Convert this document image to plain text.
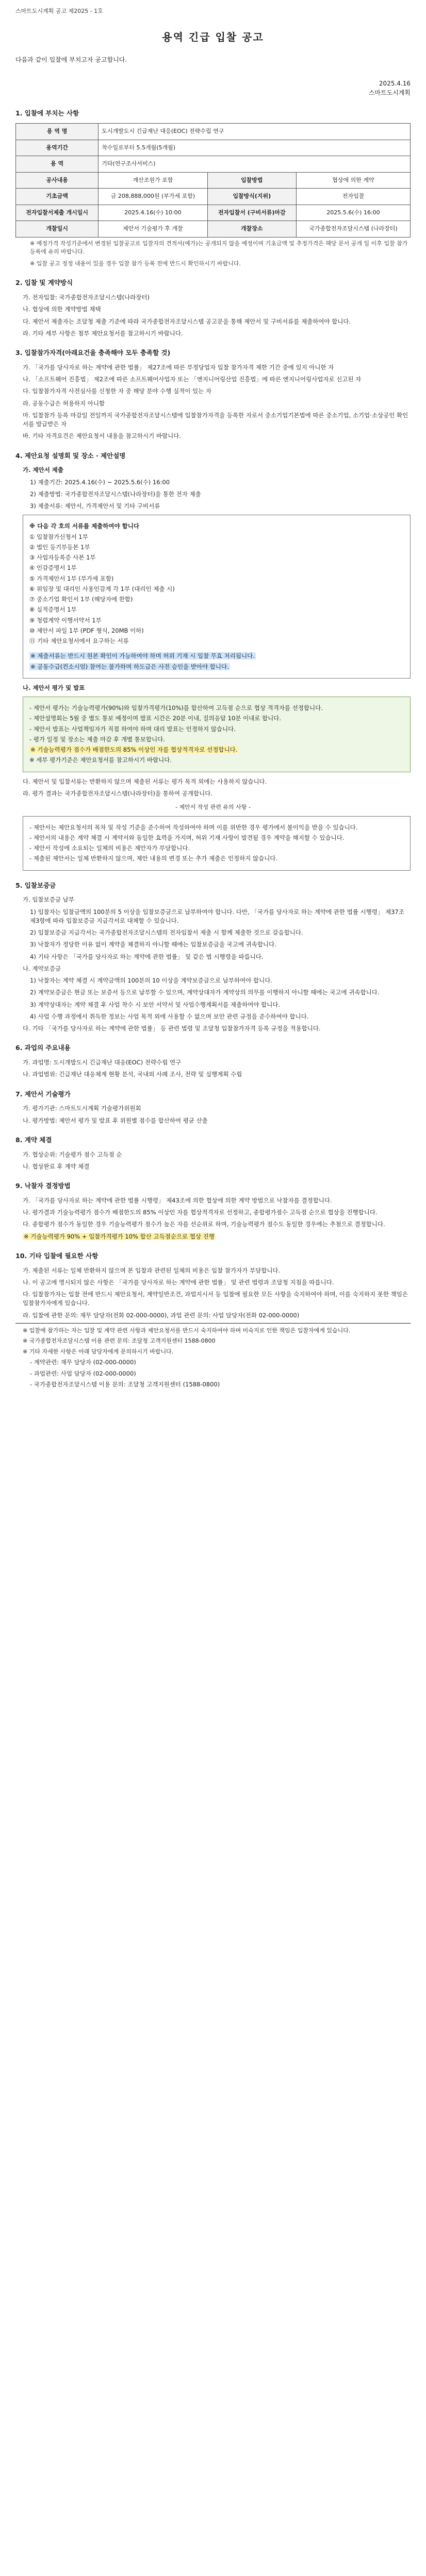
스마트도시계획 공고 제2025 - 1호
용역 긴급 입찰 공고

다음과 같이 입찰에 부치고자 공고합니다.

2025.4.16

스마트도시계획

1. 입찰에 부치는 사항
용 역 명	도시개발도시 긴급재난 대응(EOC) 전략수립 연구		
용역기간	착수일로부터 5.5개월(5개월)		
용 역	기타(연구조사서비스)		
공사내용	계산조원가 포함	입찰방법	협상에 의한 계약
기초금액	금 208,888,000원 (부가세 포함)	입찰방식(지위)	전자입찰
전자입찰서제출 개시일시	2025.4.16(수) 10:00	전자입찰서 (구비서류)마감	2025.5.6(수) 16:00
개찰일시	제안서 기술평가 후 개찰	개찰장소	국가종합전자조달시스템 (나라장터)

※ 예정가격 작성기준에서 변경된 입찰공고로 입찰자의 견적서(예가)는 공개되지 않을 예정이며 기초금액 및 추정가격은 해당 문서 공개 일 이후 입찰 참가 등록에 유의 바랍니다.

※ 입찰 공고 정정 내용이 있을 경우 입찰 참가 등록 전에 반드시 확인하시기 바랍니다.

2. 입찰 및 계약방식

가. 전자입찰: 국가종합전자조달시스템(나라장터)

나. 협상에 의한 계약방법 채택

다. 제안서 제출자는 조달청 제출 기준에 따라 국가종합전자조달시스템 공고문을 통해 제안서 및 구비서류를 제출하여야 합니다.

라. 기타 세부 사항은 첨부 제안요청서를 참고하시기 바랍니다.

3. 입찰참가자격(아래요건을 충족해야 모두 충족할 것)

가. 「국가를 당사자로 하는 계약에 관한 법률」 제27조에 따른 부정당업자 입찰 참가자격 제한 기간 중에 있지 아니한 자

나. 「소프트웨어 진흥법」 제2조에 따른 소프트웨어사업자 또는 「엔지니어링산업 진흥법」에 따른 엔지니어링사업자로 신고된 자

다. 입찰참가자격 사전심사를 신청한 자 중 해당 분야 수행 실적이 있는 자

라. 공동수급은 허용하지 아니함

마. 입찰참가 등록 마감일 전일까지 국가종합전자조달시스템에 입찰참가자격을 등록한 자로서 중소기업기본법에 따른 중소기업, 소기업·소상공인 확인서를 발급받은 자

바. 기타 자격요건은 제안요청서 내용을 참고하시기 바랍니다.

4. 제안요청 설명회 및 장소 · 제안설명
가. 제안서 제출

1) 제출기간: 2025.4.16(수) ~ 2025.5.6(수) 16:00

2) 제출방법: 국가종합전자조달시스템(나라장터)을 통한 전자 제출

3) 제출서류: 제안서, 가격제안서 및 기타 구비서류

※ 다음 각 호의 서류를 제출하여야 합니다

① 입찰참가신청서 1부

② 법인 등기부등본 1부

③ 사업자등록증 사본 1부

④ 인감증명서 1부

⑤ 가격제안서 1부 (부가세 포함)

⑥ 위임장 및 대리인 사용인감계 각 1부 (대리인 제출 시)

⑦ 중소기업 확인서 1부 (해당자에 한함)

⑧ 실적증명서 1부

⑨ 청렴계약 이행서약서 1부

⑩ 제안서 파일 1부 (PDF 형식, 20MB 이하)

⑪ 기타 제안요청서에서 요구하는 서류

※ 제출서류는 반드시 원본 확인이 가능하여야 하며 허위 기재 시 입찰 무효 처리됩니다.

※ 공동수급(컨소시엄) 참여는 불가하며 하도급은 사전 승인을 받아야 합니다.

나. 제안서 평가 및 발표

- 제안서 평가는 기술능력평가(90%)와 입찰가격평가(10%)를 합산하여 고득점 순으로 협상 적격자를 선정합니다.

- 제안설명회는 5월 중 별도 통보 예정이며 발표 시간은 20분 이내, 질의응답 10분 이내로 합니다.

- 제안서 발표는 사업책임자가 직접 하여야 하며 대리 발표는 인정하지 않습니다.

- 평가 일정 및 장소는 제출 마감 후 개별 통보합니다.

※ 기술능력평가 점수가 배점한도의 85% 이상인 자를 협상적격자로 선정합니다.

※ 세부 평가기준은 제안요청서를 참고하시기 바랍니다.

다. 제안서 및 입찰서류는 반환하지 않으며 제출된 서류는 평가 목적 외에는 사용하지 않습니다.

라. 평가 결과는 국가종합전자조달시스템(나라장터)을 통하여 공개합니다.

- 제안서 작성 관련 유의 사항 -

- 제안서는 제안요청서의 목차 및 작성 기준을 준수하여 작성하여야 하며 이를 위반한 경우 평가에서 불이익을 받을 수 있습니다.

- 제안서의 내용은 계약 체결 시 계약서와 동일한 효력을 가지며, 허위 기재 사항이 발견될 경우 계약을 해지할 수 있습니다.

- 제안서 작성에 소요되는 일체의 비용은 제안자가 부담합니다.

- 제출된 제안서는 일체 반환하지 않으며, 제안 내용의 변경 또는 추가 제출은 인정하지 않습니다.

5. 입찰보증금

가. 입찰보증금 납부

1) 입찰자는 입찰금액의 100분의 5 이상을 입찰보증금으로 납부하여야 합니다. 다만, 「국가를 당사자로 하는 계약에 관한 법률 시행령」 제37조 제3항에 따라 입찰보증금 지급각서로 대체할 수 있습니다.

2) 입찰보증금 지급각서는 국가종합전자조달시스템의 전자입찰서 제출 시 함께 제출한 것으로 갈음합니다.

3) 낙찰자가 정당한 이유 없이 계약을 체결하지 아니할 때에는 입찰보증금을 국고에 귀속합니다.

4) 기타 사항은 「국가를 당사자로 하는 계약에 관한 법률」 및 같은 법 시행령을 따릅니다.

나. 계약보증금

1) 낙찰자는 계약 체결 시 계약금액의 100분의 10 이상을 계약보증금으로 납부하여야 합니다.

2) 계약보증금은 현금 또는 보증서 등으로 납부할 수 있으며, 계약상대자가 계약상의 의무를 이행하지 아니할 때에는 국고에 귀속합니다.

3) 계약상대자는 계약 체결 후 사업 착수 시 보안 서약서 및 사업수행계획서를 제출하여야 합니다.

4) 사업 수행 과정에서 취득한 정보는 사업 목적 외에 사용할 수 없으며 보안 관련 규정을 준수하여야 합니다.

다. 기타 「국가를 당사자로 하는 계약에 관한 법률」 등 관련 법령 및 조달청 입찰참가자격 등록 규정을 적용합니다.

6. 과업의 주요내용

가. 과업명: 도시개발도시 긴급재난 대응(EOC) 전략수립 연구

나. 과업범위: 긴급재난 대응체계 현황 분석, 국내외 사례 조사, 전략 및 실행계획 수립

7. 제안서 기술평가

가. 평가기관: 스마트도시계획 기술평가위원회

나. 평가방법: 제안서 평가 및 발표 후 위원별 점수를 합산하여 평균 산출

8. 계약 체결

가. 협상순위: 기술평가 점수 고득점 순

나. 협상완료 후 계약 체결

9. 낙찰자 결정방법

가. 「국가를 당사자로 하는 계약에 관한 법률 시행령」 제43조에 의한 협상에 의한 계약 방법으로 낙찰자를 결정합니다.

나. 평가결과 기술능력평가 점수가 배점한도의 85% 이상인 자를 협상적격자로 선정하고, 종합평가점수 고득점 순으로 협상을 진행합니다.

다. 종합평가 점수가 동일한 경우 기술능력평가 점수가 높은 자를 선순위로 하며, 기술능력평가 점수도 동일한 경우에는 추첨으로 결정합니다.

※ 기술능력평가 90% + 입찰가격평가 10% 합산 고득점순으로 협상 진행

10. 기타 입찰에 필요한 사항

가. 제출된 서류는 일체 반환하지 않으며 본 입찰과 관련된 일체의 비용은 입찰 참가자가 부담합니다.

나. 이 공고에 명시되지 않은 사항은 「국가를 당사자로 하는 계약에 관한 법률」 및 관련 법령과 조달청 지침을 따릅니다.

다. 입찰참가자는 입찰 전에 반드시 제안요청서, 계약일반조건, 과업지시서 등 입찰에 필요한 모든 사항을 숙지하여야 하며, 이를 숙지하지 못한 책임은 입찰참가자에게 있습니다.

라. 입찰에 관한 문의: 재무 담당자(전화 02-000-0000), 과업 관련 문의: 사업 담당자(전화 02-000-0000)

※ 입찰에 참가하는 자는 입찰 및 계약 관련 사항과 제안요청서를 반드시 숙지하여야 하며 미숙지로 인한 책임은 입찰자에게 있습니다.

※ 국가종합전자조달시스템 이용 관련 문의: 조달청 고객지원센터 1588-0800

※ 기타 자세한 사항은 아래 담당자에게 문의하시기 바랍니다.

- 계약관련: 재무 담당자 (02-000-0000)

- 과업관련: 사업 담당자 (02-000-0000)

- 국가종합전자조달시스템 이용 문의: 조달청 고객지원센터 (1588-0800)
